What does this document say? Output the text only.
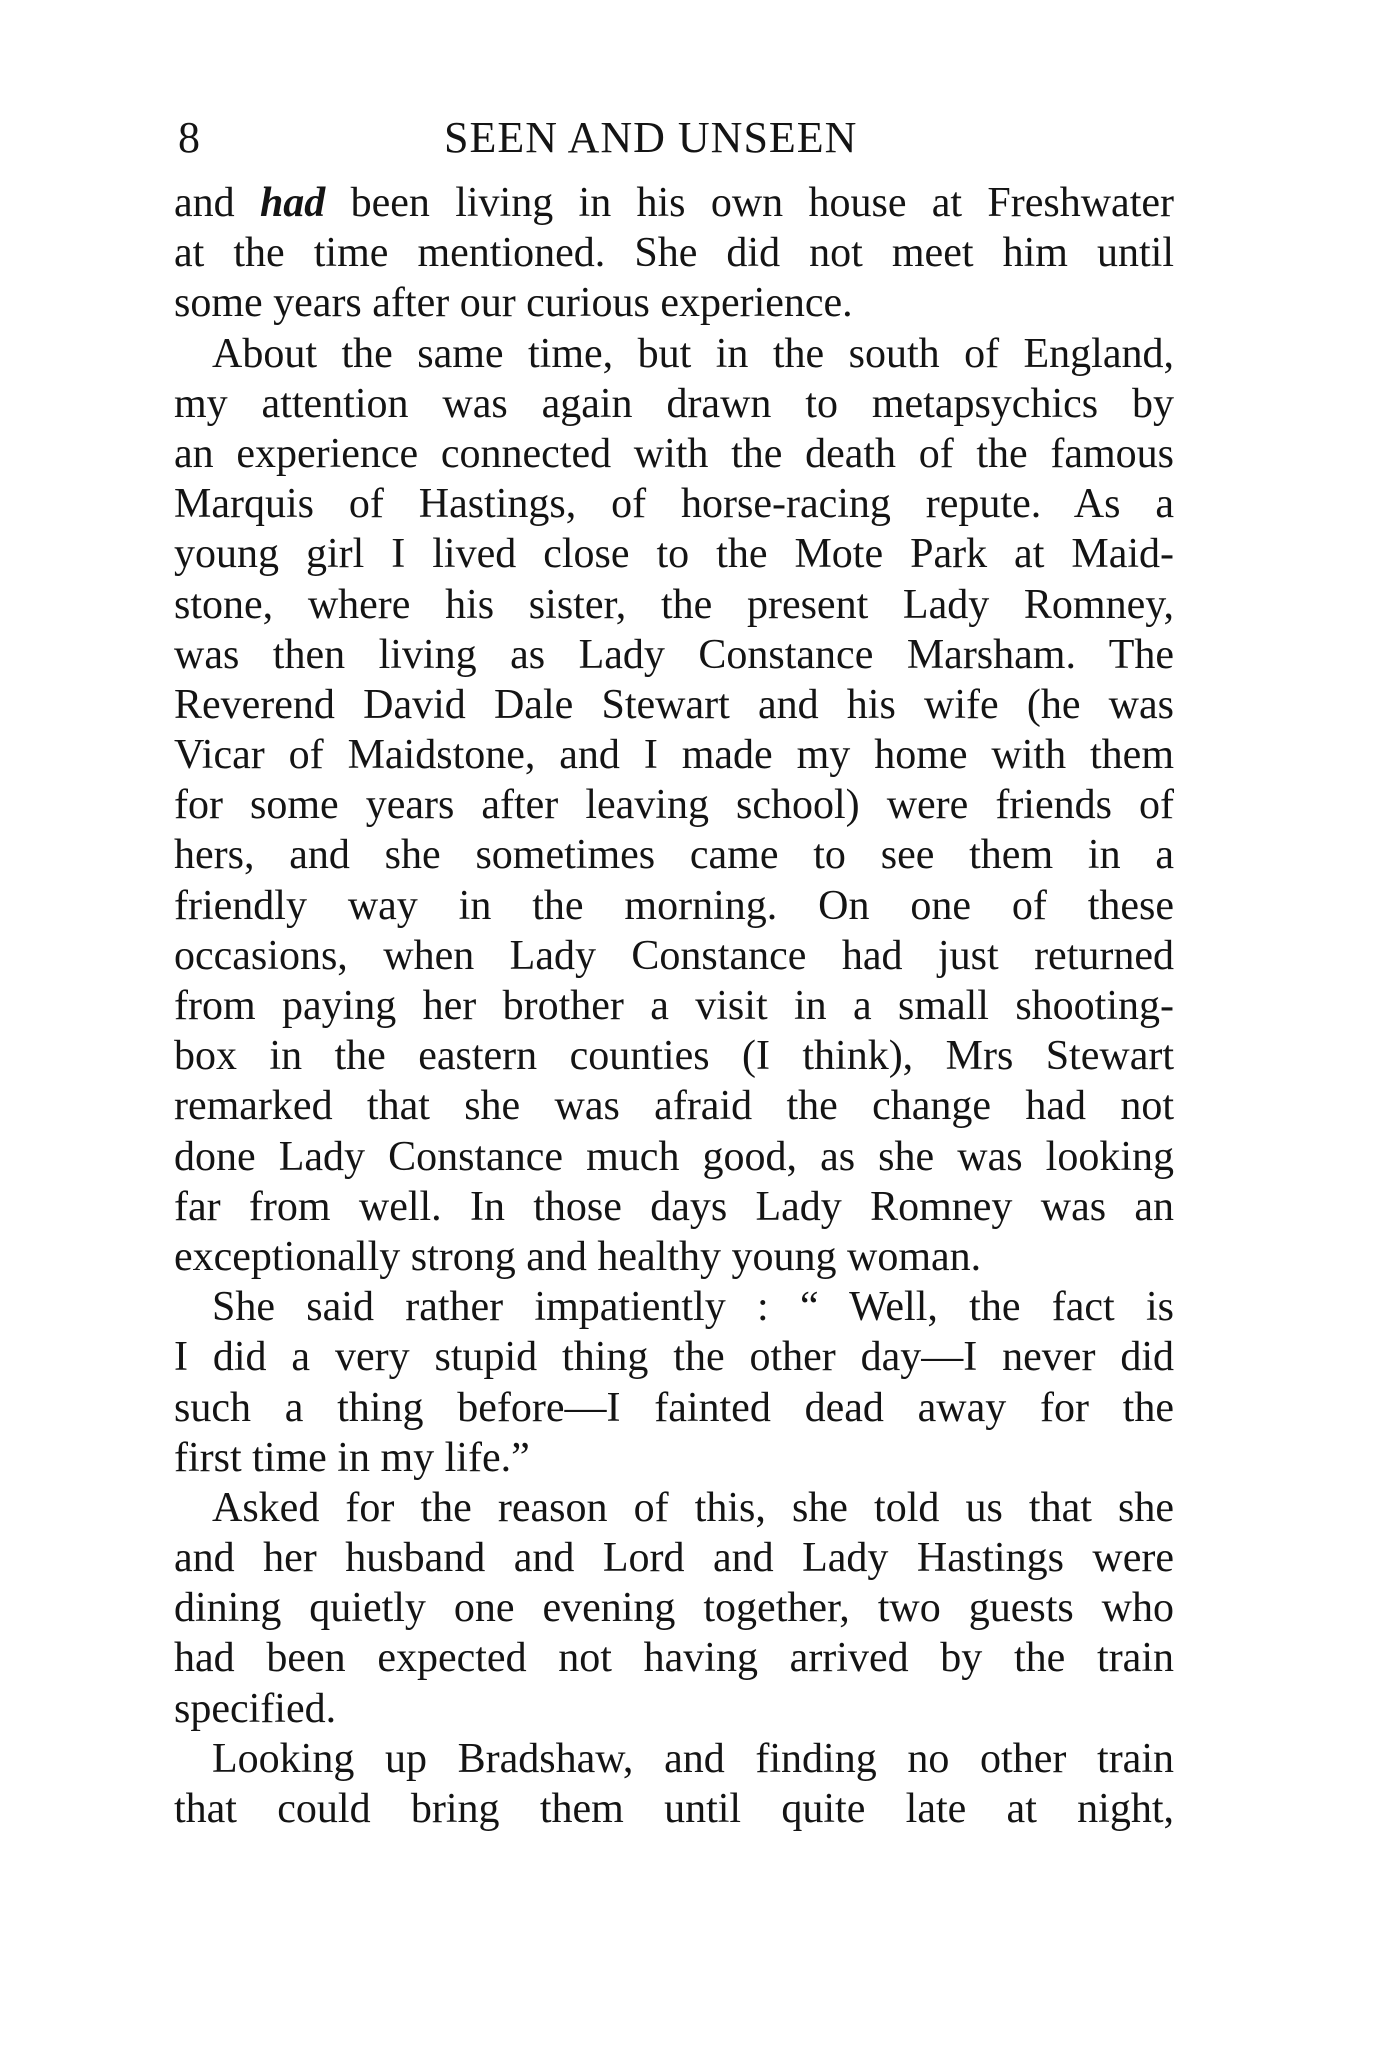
8	SEEN AND UNSEEN
and had been living in his own house at Freshwater
at the time mentioned. She did not meet him until
some years after our curious experience.
About the same time, but in the south of England,
my attention was again drawn to metapsychics by
an experience connected with the death of the famous
Marquis of Hastings, of horse-racing repute. As a
young girl I lived close to the Mote Park at Maid-
stone, where his sister, the present Lady Romney,
was then living as Lady Constance Marsham. The
Reverend David Dale Stewart and his wife (he was
Vicar of Maidstone, and I made my home with them
for some years after leaving school) were friends of
hers, and she sometimes came to see them in a
friendly way in the morning. On one of these
occasions, when Lady Constance had just returned
from paying her brother a visit in a small shooting-
box in the eastern counties (I think), Mrs Stewart
remarked that she was afraid the change had not
done Lady Constance much good, as she was looking
far from well. In those days Lady Romney was an
exceptionally strong and healthy young woman.
She said rather impatiently : “ Well, the fact is
I did a very stupid thing the other day—I never did
such a thing before—I fainted dead away for the
first time in my life.”
Asked for the reason of this, she told us that she
and her husband and Lord and Lady Hastings were
dining quietly one evening together, two guests who
had been expected not having arrived by the train
specified.
Looking up Bradshaw, and finding no other train
that could bring them until quite late at night,
